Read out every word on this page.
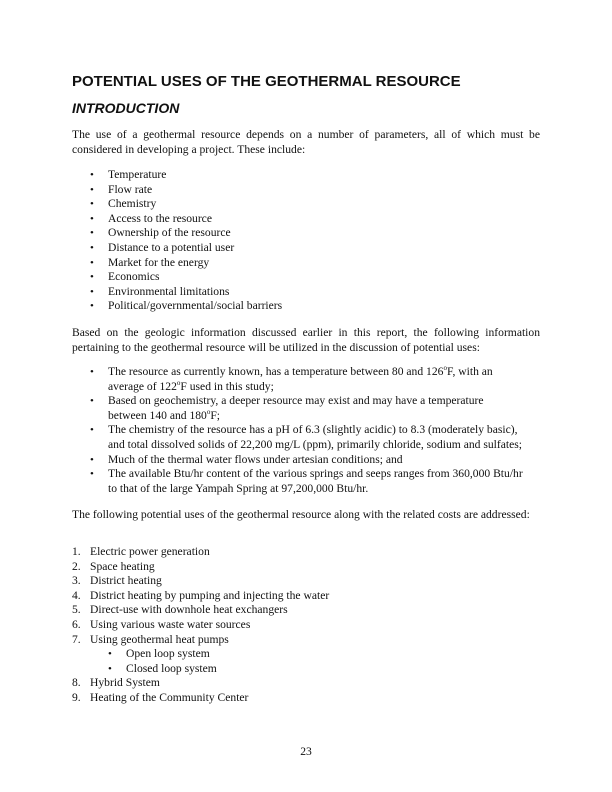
POTENTIAL USES OF THE GEOTHERMAL RESOURCE
INTRODUCTION

The use of a geothermal resource depends on a number of parameters, all of which must be considered in developing a project. These include:

• Temperature
• Flow rate
• Chemistry
• Access to the resource
• Ownership of the resource
• Distance to a potential user
• Market for the energy
• Economics
• Environmental limitations
• Political/governmental/social barriers

Based on the geologic information discussed earlier in this report, the following information pertaining to the geothermal resource will be utilized in the discussion of potential uses:

• The resource as currently known, has a temperature between 80 and 126$^o$F, with an
average of 122$^o$F used in this study;
• Based on geochemistry, a deeper resource may exist and may have a temperature
between 140 and 180$^o$F;
• The chemistry of the resource has a pH of 6.3 (slightly acidic) to 8.3 (moderately basic),
and total dissolved solids of 22,200 mg/L (ppm), primarily chloride, sodium and sulfates;
• Much of the thermal water flows under artesian conditions; and
• The available Btu/hr content of the various springs and seeps ranges from 360,000 Btu/hr
to that of the large Yampah Spring at 97,200,000 Btu/hr.

The following potential uses of the geothermal resource along with the related costs are addressed:

1. Electric power generation
2. Space heating
3. District heating
4. District heating by pumping and injecting the water
5. Direct-use with downhole heat exchangers
6. Using various waste water sources
7. Using geothermal heat pumps
• Open loop system
• Closed loop system
8. Hybrid System
9. Heating of the Community Center
23
